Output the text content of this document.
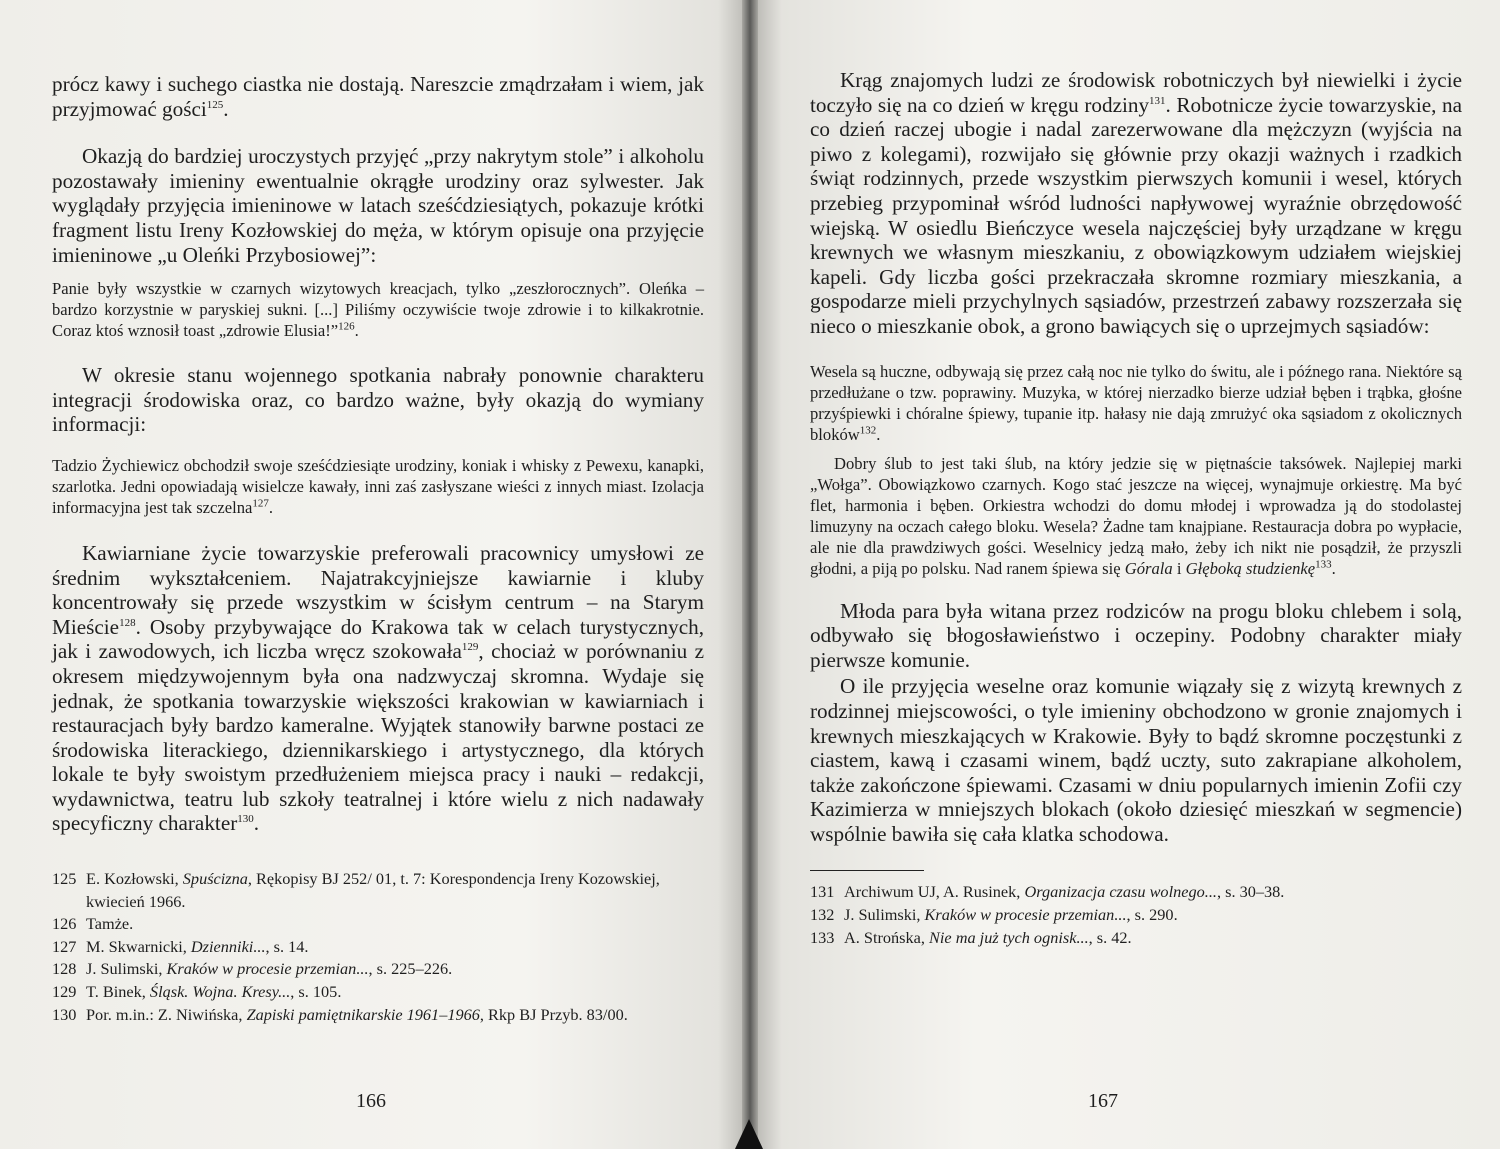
prócz kawy i suchego ciastka nie dostają. Nareszcie zmądrzałam i wiem, jak przyjmować gości$^{125}$.

Okazją do bardziej uroczystych przyjęć „przy nakrytym stole” i alkoholu pozostawały imieniny ewentualnie okrągłe urodziny oraz sylwester. Jak wyglądały przyjęcia imieninowe w latach sześćdziesiątych, pokazuje krótki fragment listu Ireny Kozłowskiej do męża, w którym opisuje ona przyjęcie imieninowe „u Oleńki Przybosiowej”:

Panie były wszystkie w czarnych wizytowych kreacjach, tylko „zeszłorocznych”. Oleńka – bardzo korzystnie w paryskiej sukni. [...] Piliśmy oczywiście twoje zdrowie i to kilkakrotnie. Coraz ktoś wznosił toast „zdrowie Elusia!”$^{126}$.

W okresie stanu wojennego spotkania nabrały ponownie charakteru integracji środowiska oraz, co bardzo ważne, były okazją do wymiany informacji:

Tadzio Żychiewicz obchodził swoje sześćdziesiąte urodziny, koniak i whisky z Pewexu, kanapki, szarlotka. Jedni opowiadają wisielcze kawały, inni zaś zasłyszane wieści z innych miast. Izolacja informacyjna jest tak szczelna$^{127}$.

Kawiarniane życie towarzyskie preferowali pracownicy umysłowi ze średnim wykształceniem. Najatrakcyjniejsze kawiarnie i kluby koncentrowały się przede wszystkim w ścisłym centrum – na Starym Mieście$^{128}$. Osoby przybywające do Krakowa tak w celach turystycznych, jak i zawodowych, ich liczba wręcz szokowała$^{129}$, chociaż w porównaniu z okresem międzywojennym była ona nadzwyczaj skromna. Wydaje się jednak, że spotkania towarzyskie większości krakowian w kawiarniach i restauracjach były bardzo kameralne. Wyjątek stanowiły barwne postaci ze środowiska literackiego, dziennikarskiego i artystycznego, dla których lokale te były swoistym przedłużeniem miejsca pracy i nauki – redakcji, wydawnictwa, teatru lub szkoły teatralnej i które wielu z nich nadawały specyficzny charakter$^{130}$.

125 E. Kozłowski, Spuścizna, Rękopisy BJ 252/ 01, t. 7: Korespondencja Ireny Kozowskiej, kwiecień 1966.

126 Tamże.

127 M. Skwarnicki, Dzienniki..., s. 14.

128 J. Sulimski, Kraków w procesie przemian..., s. 225–226.

129 T. Binek, Śląsk. Wojna. Kresy..., s. 105.

130 Por. m.in.: Z. Niwińska, Zapiski pamiętnikarskie 1961–1966, Rkp BJ Przyb. 83/00.

166

Krąg znajomych ludzi ze środowisk robotniczych był niewielki i życie toczyło się na co dzień w kręgu rodziny$^{131}$. Robotnicze życie towarzyskie, na co dzień raczej ubogie i nadal zarezerwowane dla mężczyzn (wyjścia na piwo z kolegami), rozwijało się głównie przy okazji ważnych i rzadkich świąt rodzinnych, przede wszystkim pierwszych komunii i wesel, których przebieg przypominał wśród ludności napływowej wyraźnie obrzędowość wiejską. W osiedlu Bieńczyce wesela najczęściej były urządzane w kręgu krewnych we własnym mieszkaniu, z obowiązkowym udziałem wiejskiej kapeli. Gdy liczba gości przekraczała skromne rozmiary mieszkania, a gospodarze mieli przychylnych sąsiadów, przestrzeń zabawy rozszerzała się nieco o mieszkanie obok, a grono bawiących się o uprzejmych sąsiadów:

Wesela są huczne, odbywają się przez całą noc nie tylko do świtu, ale i późnego rana. Niektóre są przedłużane o tzw. poprawiny. Muzyka, w której nierzadko bierze udział bęben i trąbka, głośne przyśpiewki i chóralne śpiewy, tupanie itp. hałasy nie dają zmrużyć oka sąsiadom z okolicznych bloków$^{132}$.

Dobry ślub to jest taki ślub, na który jedzie się w piętnaście taksówek. Najlepiej marki „Wołga”. Obowiązkowo czarnych. Kogo stać jeszcze na więcej, wynajmuje orkiestrę. Ma być flet, harmonia i bęben. Orkiestra wchodzi do domu młodej i wprowadza ją do stodolastej limuzyny na oczach całego bloku. Wesela? Żadne tam knajpiane. Restauracja dobra po wypłacie, ale nie dla prawdziwych gości. Weselnicy jedzą mało, żeby ich nikt nie posądził, że przyszli głodni, a piją po polsku. Nad ranem śpiewa się Górala i Głęboką studzienkę$^{133}$.

Młoda para była witana przez rodziców na progu bloku chlebem i solą, odbywało się błogosławieństwo i oczepiny. Podobny charakter miały pierwsze komunie.

O ile przyjęcia weselne oraz komunie wiązały się z wizytą krewnych z rodzinnej miejscowości, o tyle imieniny obchodzono w gronie znajomych i krewnych mieszkających w Krakowie. Były to bądź skromne poczęstunki z ciastem, kawą i czasami winem, bądź uczty, suto zakrapiane alkoholem, także zakończone śpiewami. Czasami w dniu popularnych imienin Zofii czy Kazimierza w mniejszych blokach (około dziesięć mieszkań w segmencie) wspólnie bawiła się cała klatka schodowa.

131 Archiwum UJ, A. Rusinek, Organizacja czasu wolnego..., s. 30–38.

132 J. Sulimski, Kraków w procesie przemian..., s. 290.

133 A. Strońska, Nie ma już tych ognisk..., s. 42.

167
